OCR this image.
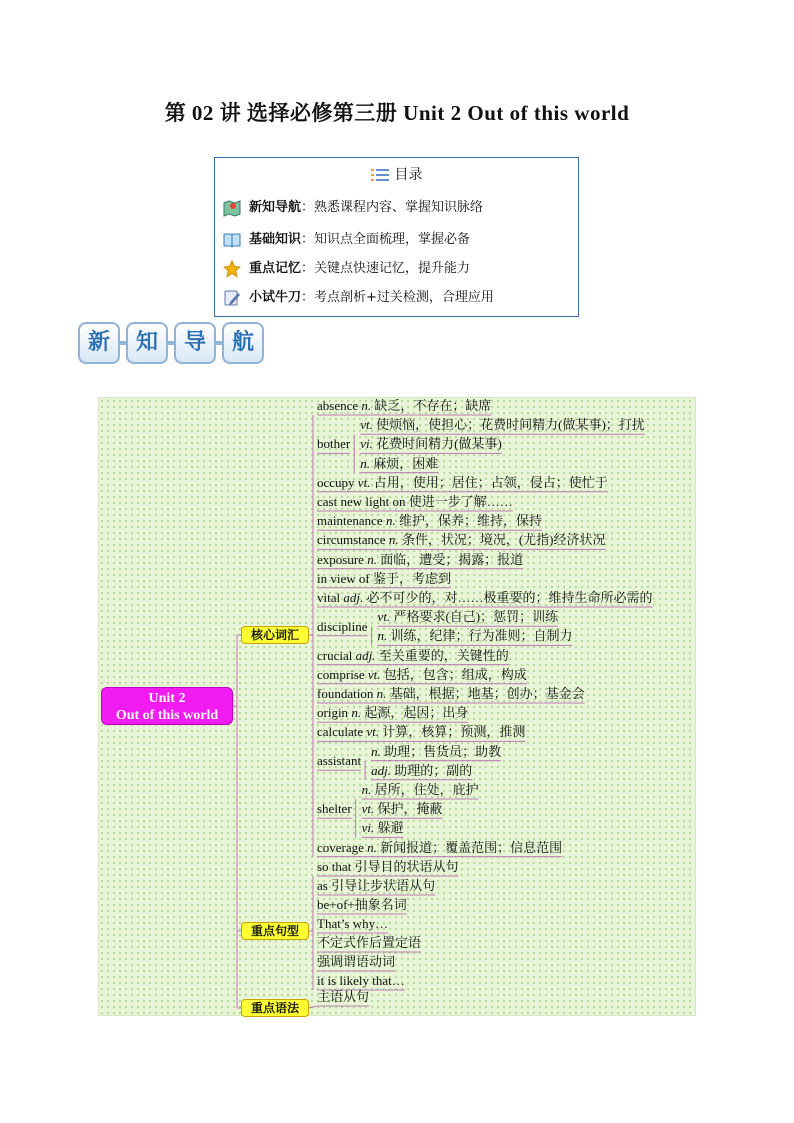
第 02 讲 选择必修第三册 Unit 2 Out of this world
目录
新知导航：熟悉课程内容、掌握知识脉络
基础知识：知识点全面梳理，掌握必备
重点记忆：关键点快速记忆，提升能力
小试牛刀：考点剖析+过关检测，合理应用
新	知	导	航
Unit 2
Out of this world
核心词汇
重点句型
重点语法
absence n. 缺乏，不存在；缺席
bother
vt. 使烦恼，使担心；花费时间精力(做某事)；打扰
vi. 花费时间精力(做某事)
n. 麻烦，困难
occupy vt. 占用，使用；居住；占领，侵占；使忙于
cast new light on 使进一步了解……
maintenance n. 维护，保养；维持，保持
circumstance n. 条件，状况；境况，(尤指)经济状况
exposure n. 面临，遭受；揭露；报道
in view of 鉴于，考虑到
vital adj. 必不可少的，对……极重要的；维持生命所必需的
discipline
vt. 严格要求(自己)；惩罚；训练
n. 训练，纪律；行为准则；自制力
crucial adj. 至关重要的，关键性的
comprise vt. 包括，包含；组成，构成
foundation n. 基础，根据；地基；创办；基金会
origin n. 起源，起因；出身
calculate vt. 计算，核算；预测，推测
assistant
n. 助理；售货员；助教
adj. 助理的；副的
shelter
n. 居所，住处，庇护
vt. 保护，掩蔽
vi. 躲避
coverage n. 新闻报道；覆盖范围；信息范围
so that 引导目的状语从句
as 引导让步状语从句
be+of+抽象名词
That’s why…
不定式作后置定语
强调谓语动词
it is likely that…
主语从句
